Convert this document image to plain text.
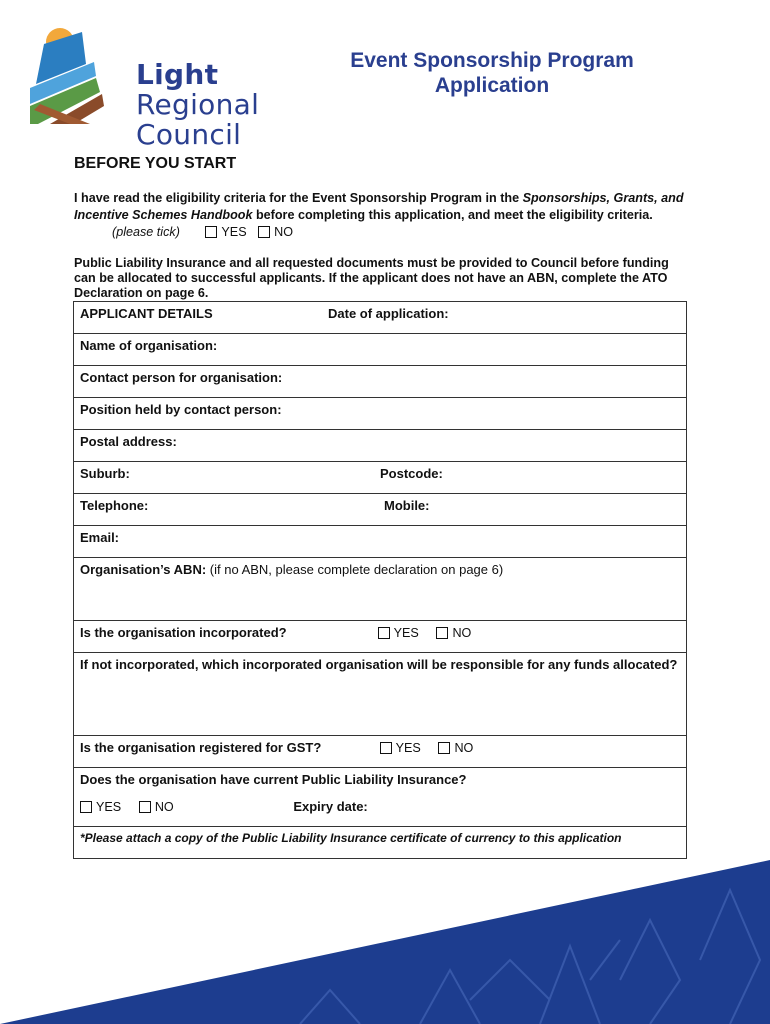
Light
Regional
Council
Event Sponsorship Program
Application
BEFORE YOU START
I have read the eligibility criteria for the Event Sponsorship Program in the Sponsorships, Grants, and Incentive Schemes Handbook before completing this application, and meet the eligibility criteria. (please tick)	YES NO
Public Liability Insurance and all requested documents must be provided to Council before funding can be allocated to successful applicants. If the applicant does not have an ABN, complete the ATO Declaration on page 6.
APPLICANT DETAILS	Date of application:
Name of organisation:
Contact person for organisation:
Position held by contact person:
Postal address:
Suburb:	Postcode:
Telephone:	Mobile:
Email:
Organisation’s ABN: (if no ABN, please complete declaration on page 6)
Is the organisation incorporated?	YES	NO
If not incorporated, which incorporated organisation will be responsible for any funds allocated?
Is the organisation registered for GST?	YES	NO

Does the organisation have current Public Liability Insurance?
YES	NO	Expiry date:

*Please attach a copy of the Public Liability Insurance certificate of currency to this application
